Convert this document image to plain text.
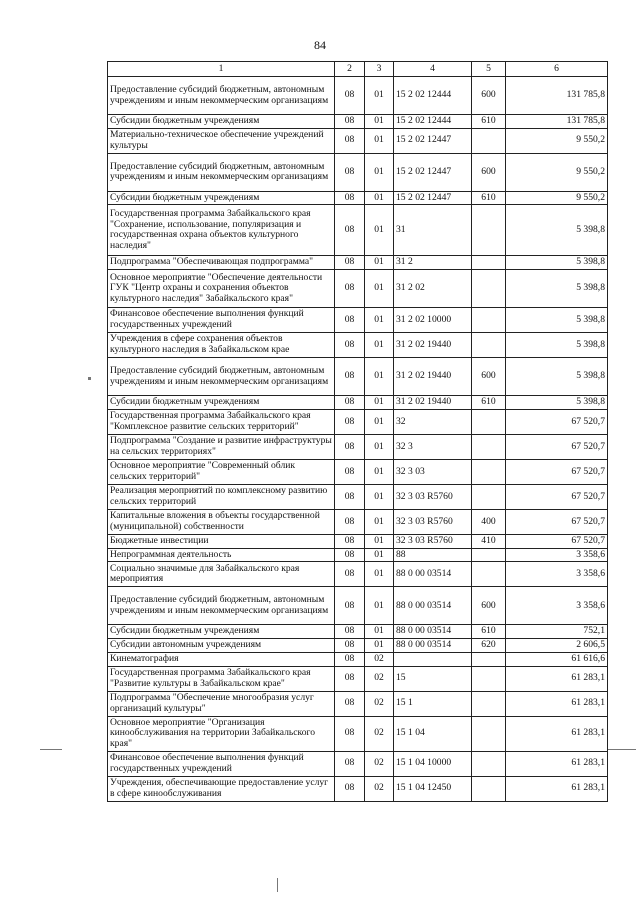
84
1	2	3	4	5	6
Предоставление субсидий бюджетным, автономным учреждениям и иным некоммерческим организациям	08	01	15 2 02 12444	600	131 785,8
Субсидии бюджетным учреждениям	08	01	15 2 02 12444	610	131 785,8
Материально-техническое обеспечение учреждений культуры	08	01	15 2 02 12447		9 550,2
Предоставление субсидий бюджетным, автономным учреждениям и иным некоммерческим организациям	08	01	15 2 02 12447	600	9 550,2
Субсидии бюджетным учреждениям	08	01	15 2 02 12447	610	9 550,2
Государственная программа Забайкальского края "Сохранение, использование, популяризация и государственная охрана объектов культурного наследия"	08	01	31		5 398,8
Подпрограмма "Обеспечивающая подпрограмма"	08	01	31 2		5 398,8
Основное мероприятие "Обеспечение деятельности ГУК "Центр охраны и сохранения объектов культурного наследия" Забайкальского края"	08	01	31 2 02		5 398,8
Финансовое обеспечение выполнения функций государственных учреждений	08	01	31 2 02 10000		5 398,8
Учреждения в сфере сохранения объектов культурного наследия в Забайкальском крае	08	01	31 2 02 19440		5 398,8
Предоставление субсидий бюджетным, автономным учреждениям и иным некоммерческим организациям	08	01	31 2 02 19440	600	5 398,8
Субсидии бюджетным учреждениям	08	01	31 2 02 19440	610	5 398,8
Государственная программа Забайкальского края "Комплексное развитие сельских территорий"	08	01	32		67 520,7
Подпрограмма "Создание и развитие инфраструктуры на сельских территориях"	08	01	32 3		67 520,7
Основное мероприятие "Современный облик сельских территорий"	08	01	32 3 03		67 520,7
Реализация мероприятий по комплексному развитию сельских территорий	08	01	32 3 03 R5760		67 520,7
Капитальные вложения в объекты государственной (муниципальной) собственности	08	01	32 3 03 R5760	400	67 520,7
Бюджетные инвестиции	08	01	32 3 03 R5760	410	67 520,7
Непрограммная деятельность	08	01	88		3 358,6
Социально значимые для Забайкальского края мероприятия	08	01	88 0 00 03514		3 358,6
Предоставление субсидий бюджетным, автономным учреждениям и иным некоммерческим организациям	08	01	88 0 00 03514	600	3 358,6
Субсидии бюджетным учреждениям	08	01	88 0 00 03514	610	752,1
Субсидии автономным учреждениям	08	01	88 0 00 03514	620	2 606,5
Кинематография	08	02			61 616,6
Государственная программа Забайкальского края "Развитие культуры в Забайкальском крае"	08	02	15		61 283,1
Подпрограмма "Обеспечение многообразия услуг организаций культуры"	08	02	15 1		61 283,1
Основное мероприятие "Организация кинообслуживания на территории Забайкальского края"	08	02	15 1 04		61 283,1
Финансовое обеспечение выполнения функций государственных учреждений	08	02	15 1 04 10000		61 283,1
Учреждения, обеспечивающие предоставление услуг в сфере кинообслуживания	08	02	15 1 04 12450		61 283,1
